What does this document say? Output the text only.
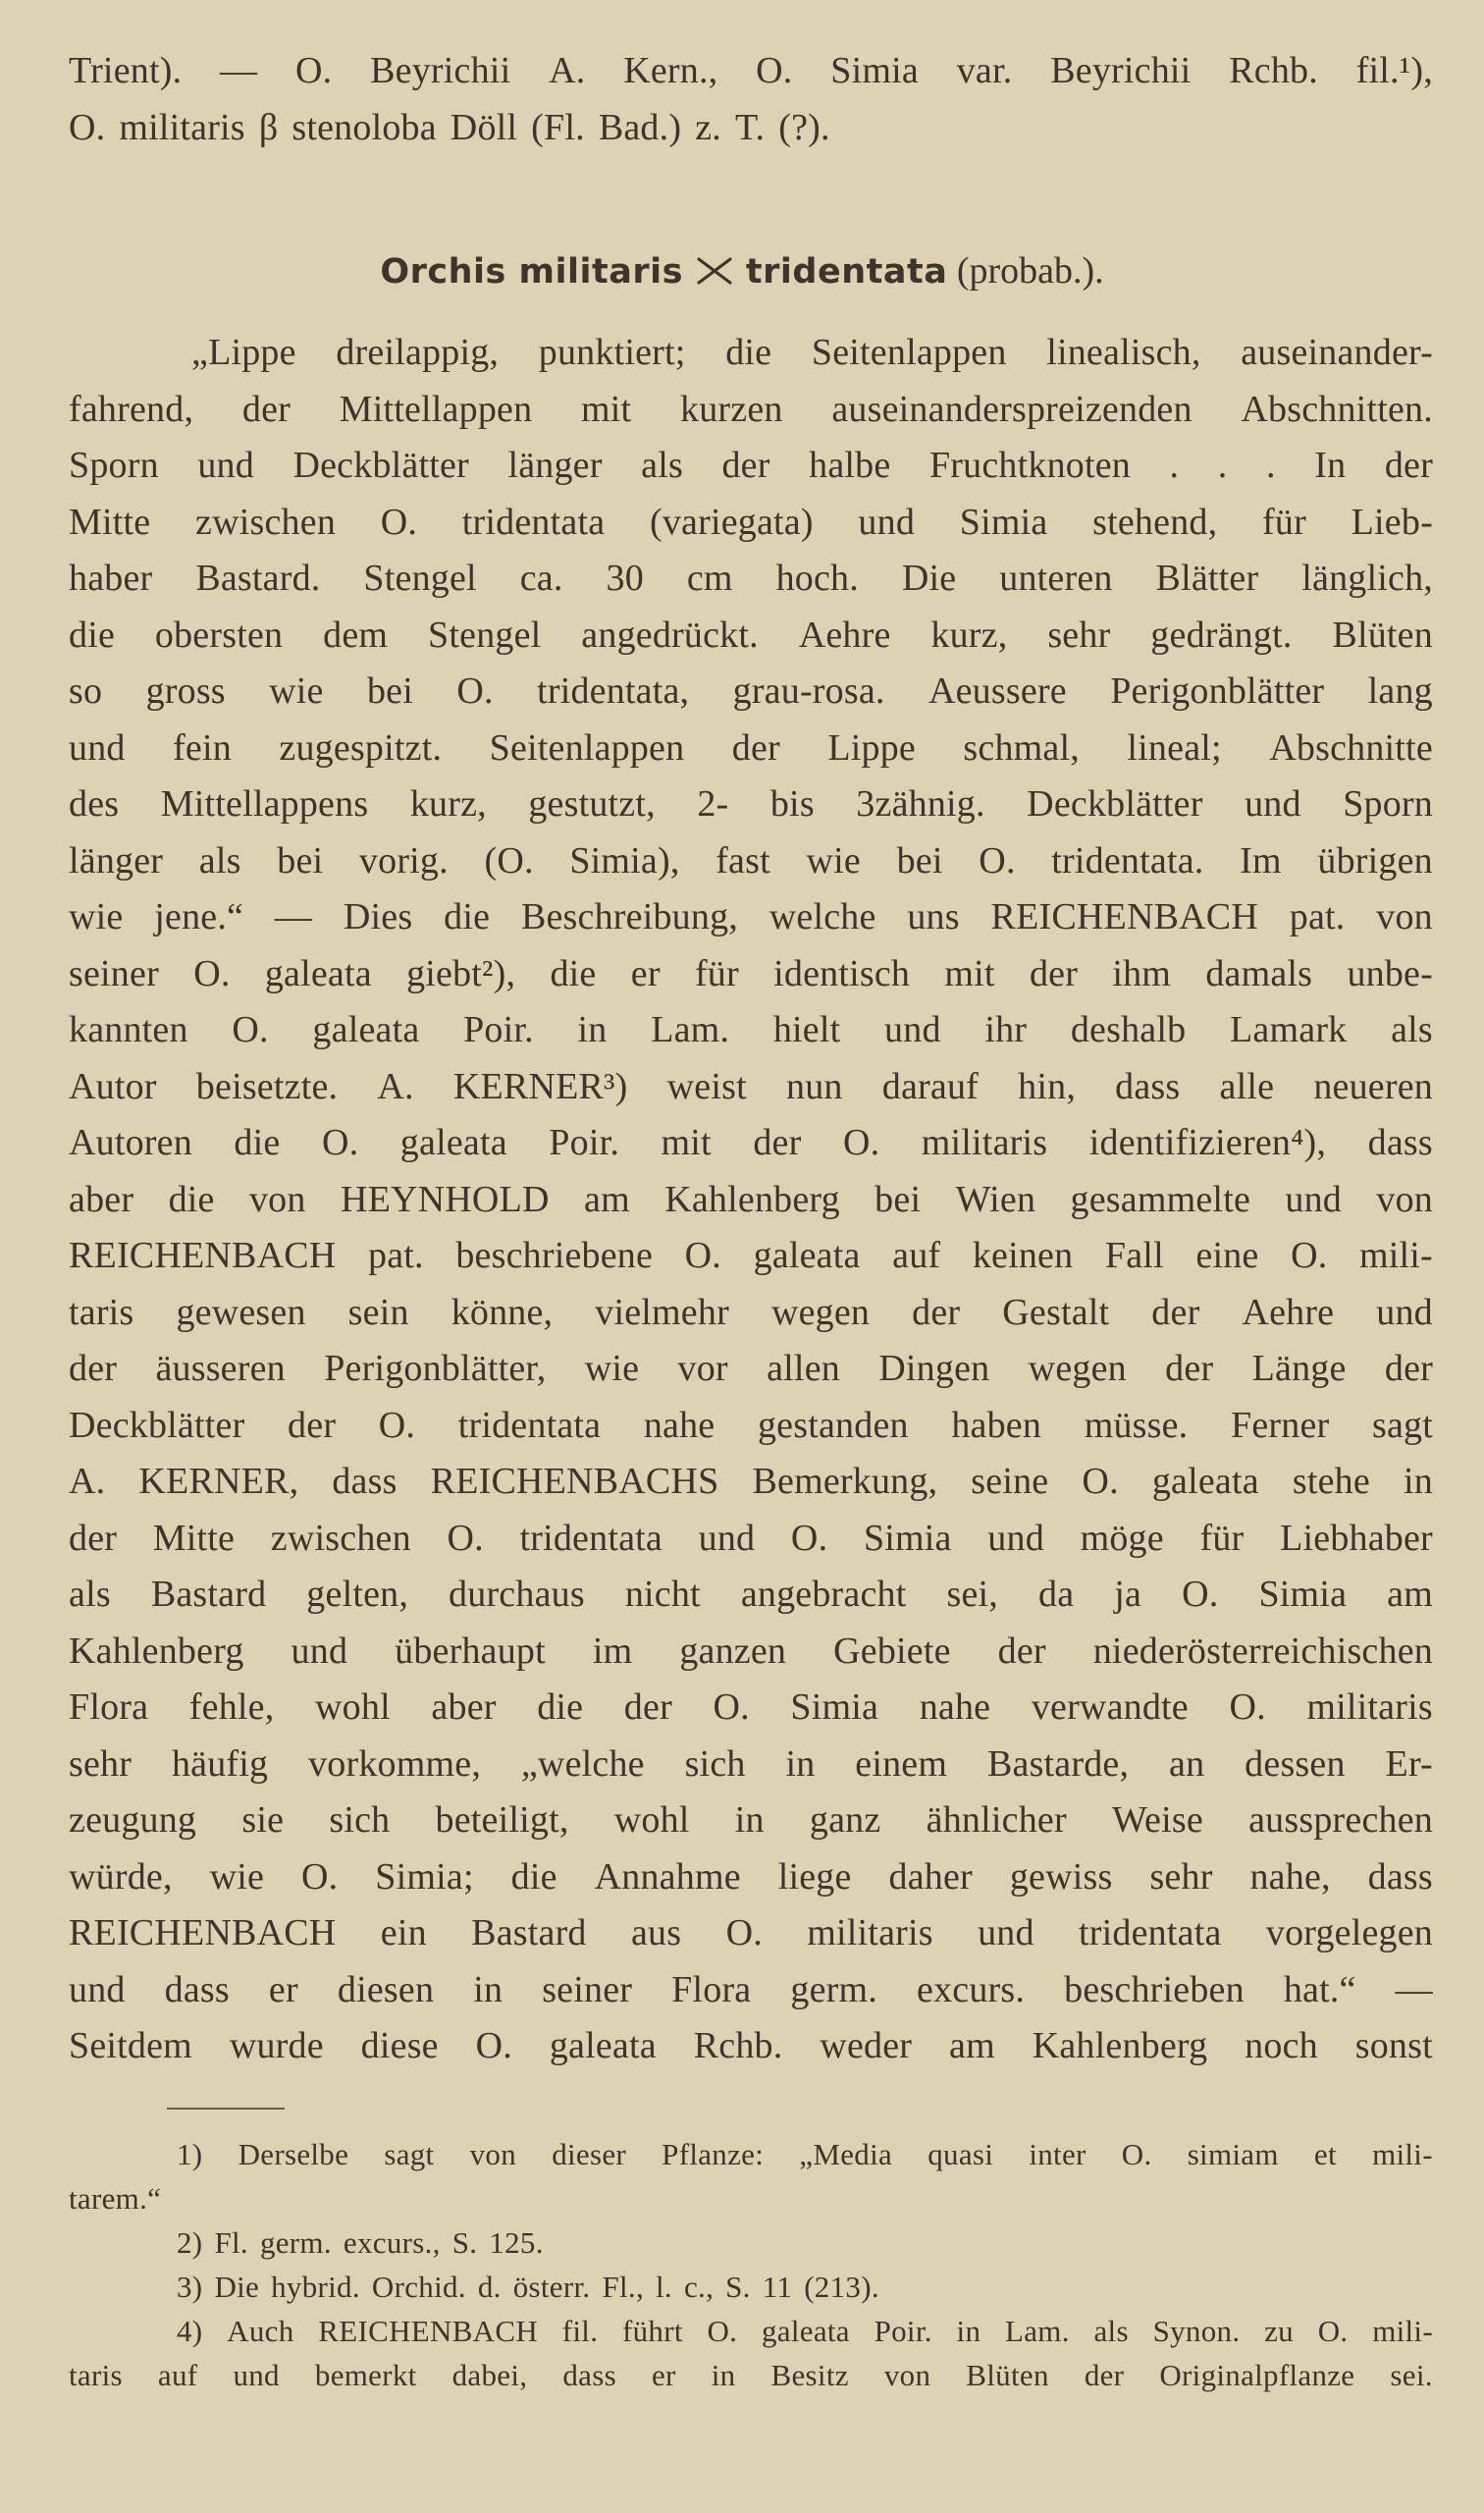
Trient). — O. Beyrichii A. Kern., O. Simia var. Beyrichii Rchb. fil.¹),
O. militaris β stenoloba Döll (Fl. Bad.) z. T. (?).
Orchis militaris tridentata (probab.).
„Lippe dreilappig, punktiert; die Seitenlappen linealisch, auseinander-
fahrend, der Mittellappen mit kurzen auseinanderspreizenden Abschnitten.
Sporn und Deckblätter länger als der halbe Fruchtknoten . . . In der
Mitte zwischen O. tridentata (variegata) und Simia stehend, für Lieb-
haber Bastard. Stengel ca. 30 cm hoch. Die unteren Blätter länglich,
die obersten dem Stengel angedrückt. Aehre kurz, sehr gedrängt. Blüten
so gross wie bei O. tridentata, grau-rosa. Aeussere Perigonblätter lang
und fein zugespitzt. Seitenlappen der Lippe schmal, lineal; Abschnitte
des Mittellappens kurz, gestutzt, 2- bis 3zähnig. Deckblätter und Sporn
länger als bei vorig. (O. Simia), fast wie bei O. tridentata. Im übrigen
wie jene.“ — Dies die Beschreibung, welche uns REICHENBACH pat. von
seiner O. galeata giebt²), die er für identisch mit der ihm damals unbe-
kannten O. galeata Poir. in Lam. hielt und ihr deshalb Lamark als
Autor beisetzte. A. KERNER³) weist nun darauf hin, dass alle neueren
Autoren die O. galeata Poir. mit der O. militaris identifizieren⁴), dass
aber die von HEYNHOLD am Kahlenberg bei Wien gesammelte und von
REICHENBACH pat. beschriebene O. galeata auf keinen Fall eine O. mili-
taris gewesen sein könne, vielmehr wegen der Gestalt der Aehre und
der äusseren Perigonblätter, wie vor allen Dingen wegen der Länge der
Deckblätter der O. tridentata nahe gestanden haben müsse. Ferner sagt
A. KERNER, dass REICHENBACHS Bemerkung, seine O. galeata stehe in
der Mitte zwischen O. tridentata und O. Simia und möge für Liebhaber
als Bastard gelten, durchaus nicht angebracht sei, da ja O. Simia am
Kahlenberg und überhaupt im ganzen Gebiete der niederösterreichischen
Flora fehle, wohl aber die der O. Simia nahe verwandte O. militaris
sehr häufig vorkomme, „welche sich in einem Bastarde, an dessen Er-
zeugung sie sich beteiligt, wohl in ganz ähnlicher Weise aussprechen
würde, wie O. Simia; die Annahme liege daher gewiss sehr nahe, dass
REICHENBACH ein Bastard aus O. militaris und tridentata vorgelegen
und dass er diesen in seiner Flora germ. excurs. beschrieben hat.“ —
Seitdem wurde diese O. galeata Rchb. weder am Kahlenberg noch sonst
1) Derselbe sagt von dieser Pflanze: „Media quasi inter O. simiam et mili-
tarem.“
2) Fl. germ. excurs., S. 125.
3) Die hybrid. Orchid. d. österr. Fl., l. c., S. 11 (213).
4) Auch REICHENBACH fil. führt O. galeata Poir. in Lam. als Synon. zu O. mili-
taris auf und bemerkt dabei, dass er in Besitz von Blüten der Originalpflanze sei.
